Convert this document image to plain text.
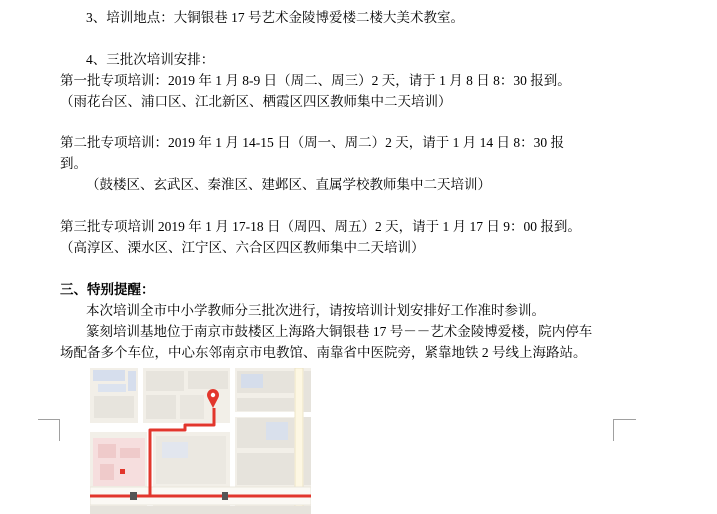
3、培训地点：大铜银巷 17 号艺术金陵博爱楼二楼大美术教室。
4、三批次培训安排：
第一批专项培训：2019 年 1 月 8-9 日（周二、周三）2 天，请于 1 月 8 日 8：30 报到。
（雨花台区、浦口区、江北新区、栖霞区四区教师集中二天培训）
第二批专项培训：2019 年 1 月 14-15 日（周一、周二）2 天，请于 1 月 14 日 8：30 报
到。
（鼓楼区、玄武区、秦淮区、建邺区、直属学校教师集中二天培训）
第三批专项培训 2019 年 1 月 17-18 日（周四、周五）2 天，请于 1 月 17 日 9：00 报到。
（高淳区、溧水区、江宁区、六合区四区教师集中二天培训）
三、特别提醒：
本次培训全市中小学教师分三批次进行，请按培训计划安排好工作准时参训。
篆刻培训基地位于南京市鼓楼区上海路大铜银巷 17 号－－艺术金陵博爱楼，院内停车
场配备多个车位，中心东邻南京市电教馆、南靠省中医院旁，紧靠地铁 2 号线上海路站。
